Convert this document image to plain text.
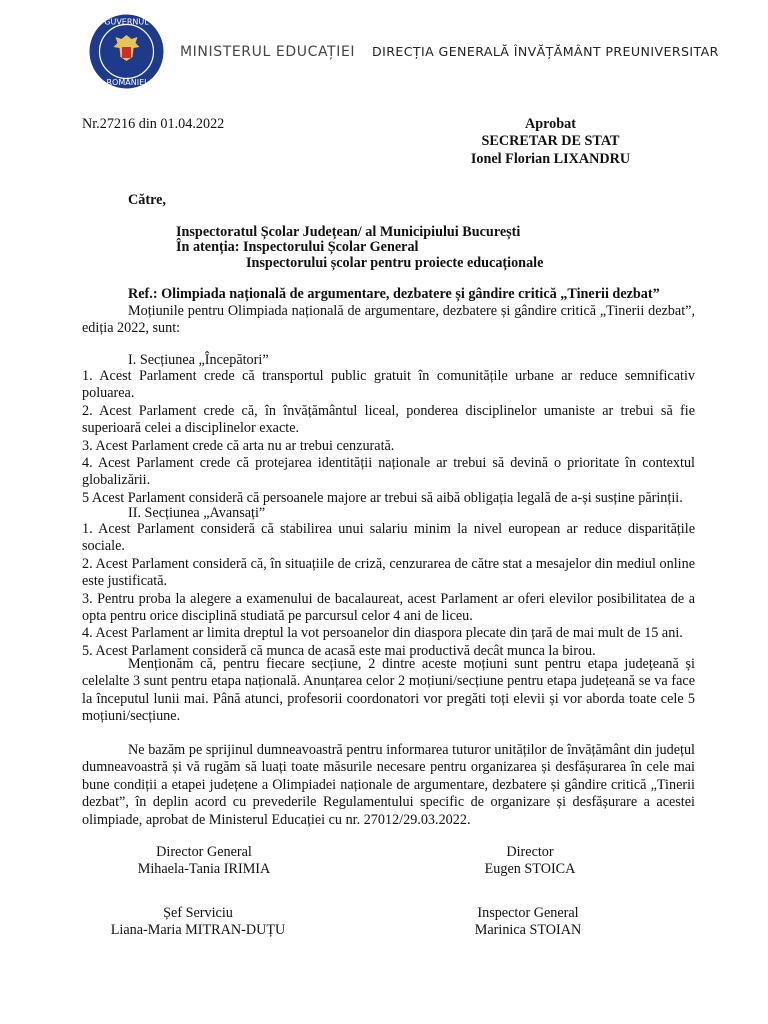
GUVERNUL
ROMÂNIEI
MINISTERUL EDUCAȚIEI DIRECȚIA GENERALĂ ÎNVĂȚĂMÂNT PREUNIVERSITAR
Nr.27216 din 01.04.2022	Aprobat

SECRETAR DE STAT

Ionel Florian LIXANDRU

Către,
Inspectoratul Școlar Județean/ al Municipiului București
În atenția: Inspectorului Școlar General
Inspectorului școlar pentru proiecte educaționale
Ref.: Olimpiada națională de argumentare, dezbatere și gândire critică „Tinerii dezbat”
Moțiunile pentru Olimpiada națională de argumentare, dezbatere și gândire critică „Tinerii dezbat”, ediția 2022, sunt:
I. Secțiunea „Începători”

1. Acest Parlament crede că transportul public gratuit în comunitățile urbane ar reduce semnificativ poluarea.

2. Acest Parlament crede că, în învățământul liceal, ponderea disciplinelor umaniste ar trebui să fie superioară celei a disciplinelor exacte.

3. Acest Parlament crede că arta nu ar trebui cenzurată.

4. Acest Parlament crede că protejarea identității naționale ar trebui să devină o prioritate în contextul globalizării.

5 Acest Parlament consideră că persoanele majore ar trebui să aibă obligația legală de a-și susține părinții.

II. Secțiunea „Avansați”

1. Acest Parlament consideră că stabilirea unui salariu minim la nivel european ar reduce disparitățile sociale.

2. Acest Parlament consideră că, în situațiile de criză, cenzurarea de către stat a mesajelor din mediul online este justificată.

3. Pentru proba la alegere a examenului de bacalaureat, acest Parlament ar oferi elevilor posibilitatea de a opta pentru orice disciplină studiată pe parcursul celor 4 ani de liceu.

4. Acest Parlament ar limita dreptul la vot persoanelor din diaspora plecate din țară de mai mult de 15 ani.

5. Acest Parlament consideră că munca de acasă este mai productivă decât munca la birou.

Menționăm că, pentru fiecare secțiune, 2 dintre aceste moțiuni sunt pentru etapa județeană și celelalte 3 sunt pentru etapa națională. Anunțarea celor 2 moțiuni/secțiune pentru etapa județeană se va face la începutul lunii mai. Până atunci, profesorii coordonatori vor pregăti toți elevii și vor aborda toate cele 5 moțiuni/secțiune.
Ne bazăm pe sprijinul dumneavoastră pentru informarea tuturor unităților de învățământ din județul dumneavoastră și vă rugăm să luați toate măsurile necesare pentru organizarea și desfășurarea în cele mai bune condiții a etapei județene a Olimpiadei naționale de argumentare, dezbatere și gândire critică „Tinerii dezbat”, în deplin acord cu prevederile Regulamentului specific de organizare și desfășurare a acestei olimpiade, aprobat de Ministerul Educației cu nr. 27012/29.03.2022.

Director General

Mihaela-Tania IRIMIA

Director

Eugen STOICA

Șef Serviciu

Liana-Maria MITRAN-DUȚU

Inspector General

Marinica STOIAN
